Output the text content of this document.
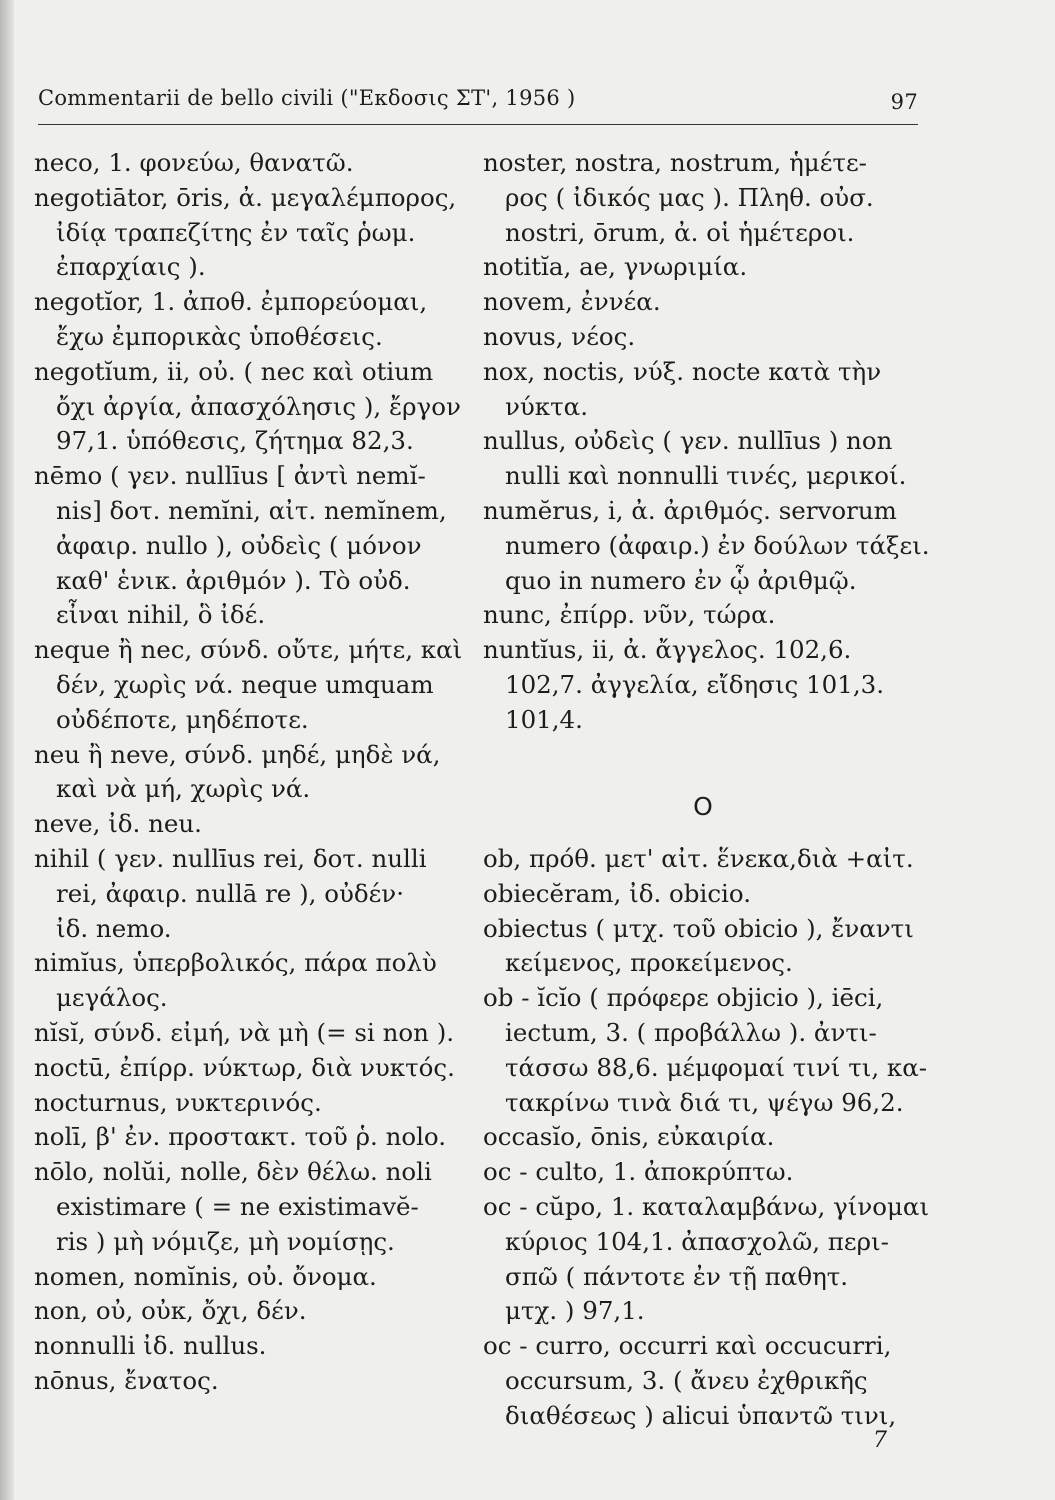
Commentarii de bello civili ("Εκδοσις ΣΤ', 1956 )	97
neco, 1. φονεύω, θανατῶ.
negotiātor, ōris, ἀ. μεγαλέμπορος,
ἰδίᾳ τραπεζίτης ἐν ταῖς ῥωμ.
ἐπαρχίαις ).
negotĭor, 1. ἀποθ. ἐμπορεύομαι,
ἔχω ἐμπορικὰς ὑποθέσεις.
negotĭum, ii, οὐ. ( nec καὶ otium
ὄχι ἀργία, ἀπασχόλησις ), ἔργον
97,1. ὑπόθεσις, ζήτημα 82,3.
nēmo ( γεν. nullīus [ ἀντὶ nemĭ-
nis] δοτ. nemĭni, αἰτ. nemĭnem,
ἀφαιρ. nullo ), οὐδεὶς ( μόνον
καθ' ἑνικ. ἀριθμόν ). Τὸ οὐδ.
εἶναι nihil, ὃ ἰδέ.
neque ἢ nec, σύνδ. οὔτε, μήτε, καὶ
δέν, χωρὶς νά. neque umquam
οὐδέποτε, μηδέποτε.
neu ἢ neve, σύνδ. μηδέ, μηδὲ νά,
καὶ νὰ μή, χωρὶς νά.
neve, ἰδ. neu.
nihil ( γεν. nullīus rei, δοτ. nulli
rei, ἀφαιρ. nullā re ), οὐδέν·
ἰδ. nemo.
nimĭus, ὑπερβολικός, πάρα πολὺ
μεγάλος.
nĭsĭ, σύνδ. εἰμή, νὰ μὴ (= si non ).
noctū, ἐπίρρ. νύκτωρ, διὰ νυκτός.
nocturnus, νυκτερινός.
nolī, β' ἐν. προστακτ. τοῦ ῥ. nolo.
nōlo, nolŭi, nolle, δὲν θέλω. noli
existimare ( = ne existimavĕ-
ris ) μὴ νόμιζε, μὴ νομίσῃς.
nomen, nomĭnis, οὐ. ὄνομα.
non, οὐ, οὐκ, ὄχι, δέν.
nonnulli ἰδ. nullus.
nōnus, ἔνατος.
noster, nostra, nostrum, ἡμέτε-
ρος ( ἰδικός μας ). Πληθ. οὐσ.
nostri, ōrum, ἀ. οἱ ἡμέτεροι.
notitĭa, ae, γνωριμία.
novem, ἐννέα.
novus, νέος.
nox, noctis, νύξ. nocte κατὰ τὴν
νύκτα.
nullus, οὐδεὶς ( γεν. nullīus ) non
nulli καὶ nonnulli τινές, μερικοί.
numĕrus, i, ἀ. ἀριθμός. servorum
numero (ἀφαιρ.) ἐν δούλων τάξει.
quo in numero ἐν ᾧ ἀριθμῷ.
nunc, ἐπίρρ. νῦν, τώρα.
nuntĭus, ii, ἀ. ἄγγελος. 102,6.
102,7. ἀγγελία, εἴδησις 101,3.
101,4.
O
ob, πρόθ. μετ' αἰτ. ἕνεκα,διὰ +αἰτ.
obiecĕram, ἰδ. obicio.
obiectus ( μτχ. τοῦ obicio ), ἔναντι
κείμενος, προκείμενος.
ob - ĭcĭo ( πρόφερε objicio ), iēci,
iectum, 3. ( προβάλλω ). ἀντι-
τάσσω 88,6. μέμφομαί τινί τι, κα-
τακρίνω τινὰ διά τι, ψέγω 96,2.
occasĭo, ōnis, εὐκαιρία.
oc - culto, 1. ἀποκρύπτω.
oc - cŭpo, 1. καταλαμβάνω, γίνομαι
κύριος 104,1. ἀπασχολῶ, περι-
σπῶ ( πάντοτε ἐν τῇ παθητ.
μτχ. ) 97,1.
oc - curro, occurri καὶ occucurri,
occursum, 3. ( ἄνευ ἐχθρικῆς
διαθέσεως ) alicui ὑπαντῶ τινι,
7
